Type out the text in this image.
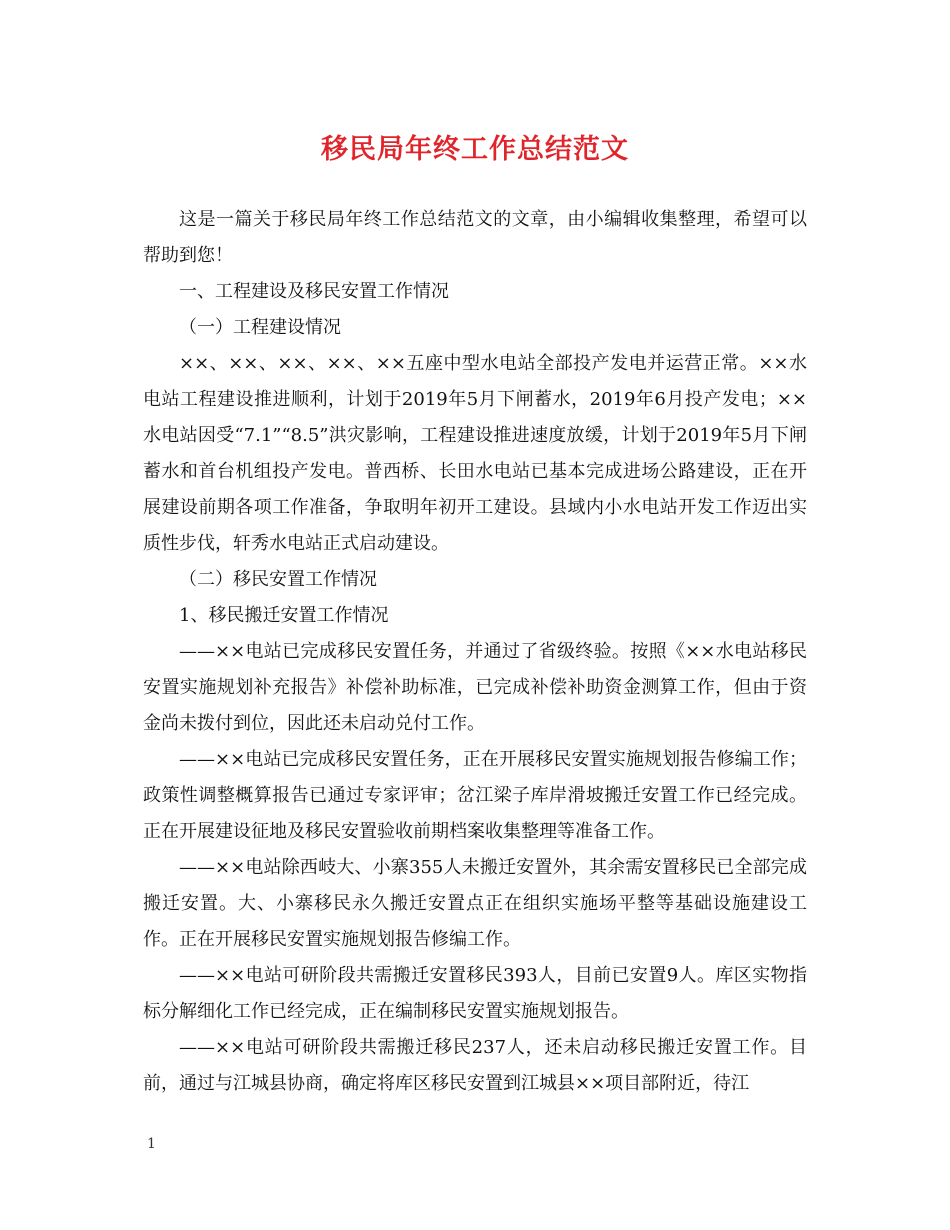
移民局年终工作总结范文

这是一篇关于移民局年终工作总结范文的文章，由小编辑收集整理，希望可以帮助到您！

一、工程建设及移民安置工作情况

（一）工程建设情况

××、××、××、××、××五座中型水电站全部投产发电并运营正常。××水电站工程建设推进顺利，计划于2019年5月下闸蓄水，2019年6月投产发电；××水电站因受“7.1”“8.5”洪灾影响，工程建设推进速度放缓，计划于2019年5月下闸蓄水和首台机组投产发电。普西桥、长田水电站已基本完成进场公路建设，正在开展建设前期各项工作准备，争取明年初开工建设。县域内小水电站开发工作迈出实质性步伐，轩秀水电站正式启动建设。

（二）移民安置工作情况

1、移民搬迁安置工作情况

——××电站已完成移民安置任务，并通过了省级终验。按照《××水电站移民安置实施规划补充报告》补偿补助标准，已完成补偿补助资金测算工作，但由于资金尚未拨付到位，因此还未启动兑付工作。

——××电站已完成移民安置任务，正在开展移民安置实施规划报告修编工作；政策性调整概算报告已通过专家评审；岔江梁子库岸滑坡搬迁安置工作已经完成。正在开展建设征地及移民安置验收前期档案收集整理等准备工作。

——××电站除西岐大、小寨355人未搬迁安置外，其余需安置移民已全部完成搬迁安置。大、小寨移民永久搬迁安置点正在组织实施场平整等基础设施建设工作。正在开展移民安置实施规划报告修编工作。

——××电站可研阶段共需搬迁安置移民393人，目前已安置9人。库区实物指标分解细化工作已经完成，正在编制移民安置实施规划报告。

——××电站可研阶段共需搬迁移民237人，还未启动移民搬迁安置工作。目前，通过与江城县协商，确定将库区移民安置到江城县××项目部附近，待江

1
